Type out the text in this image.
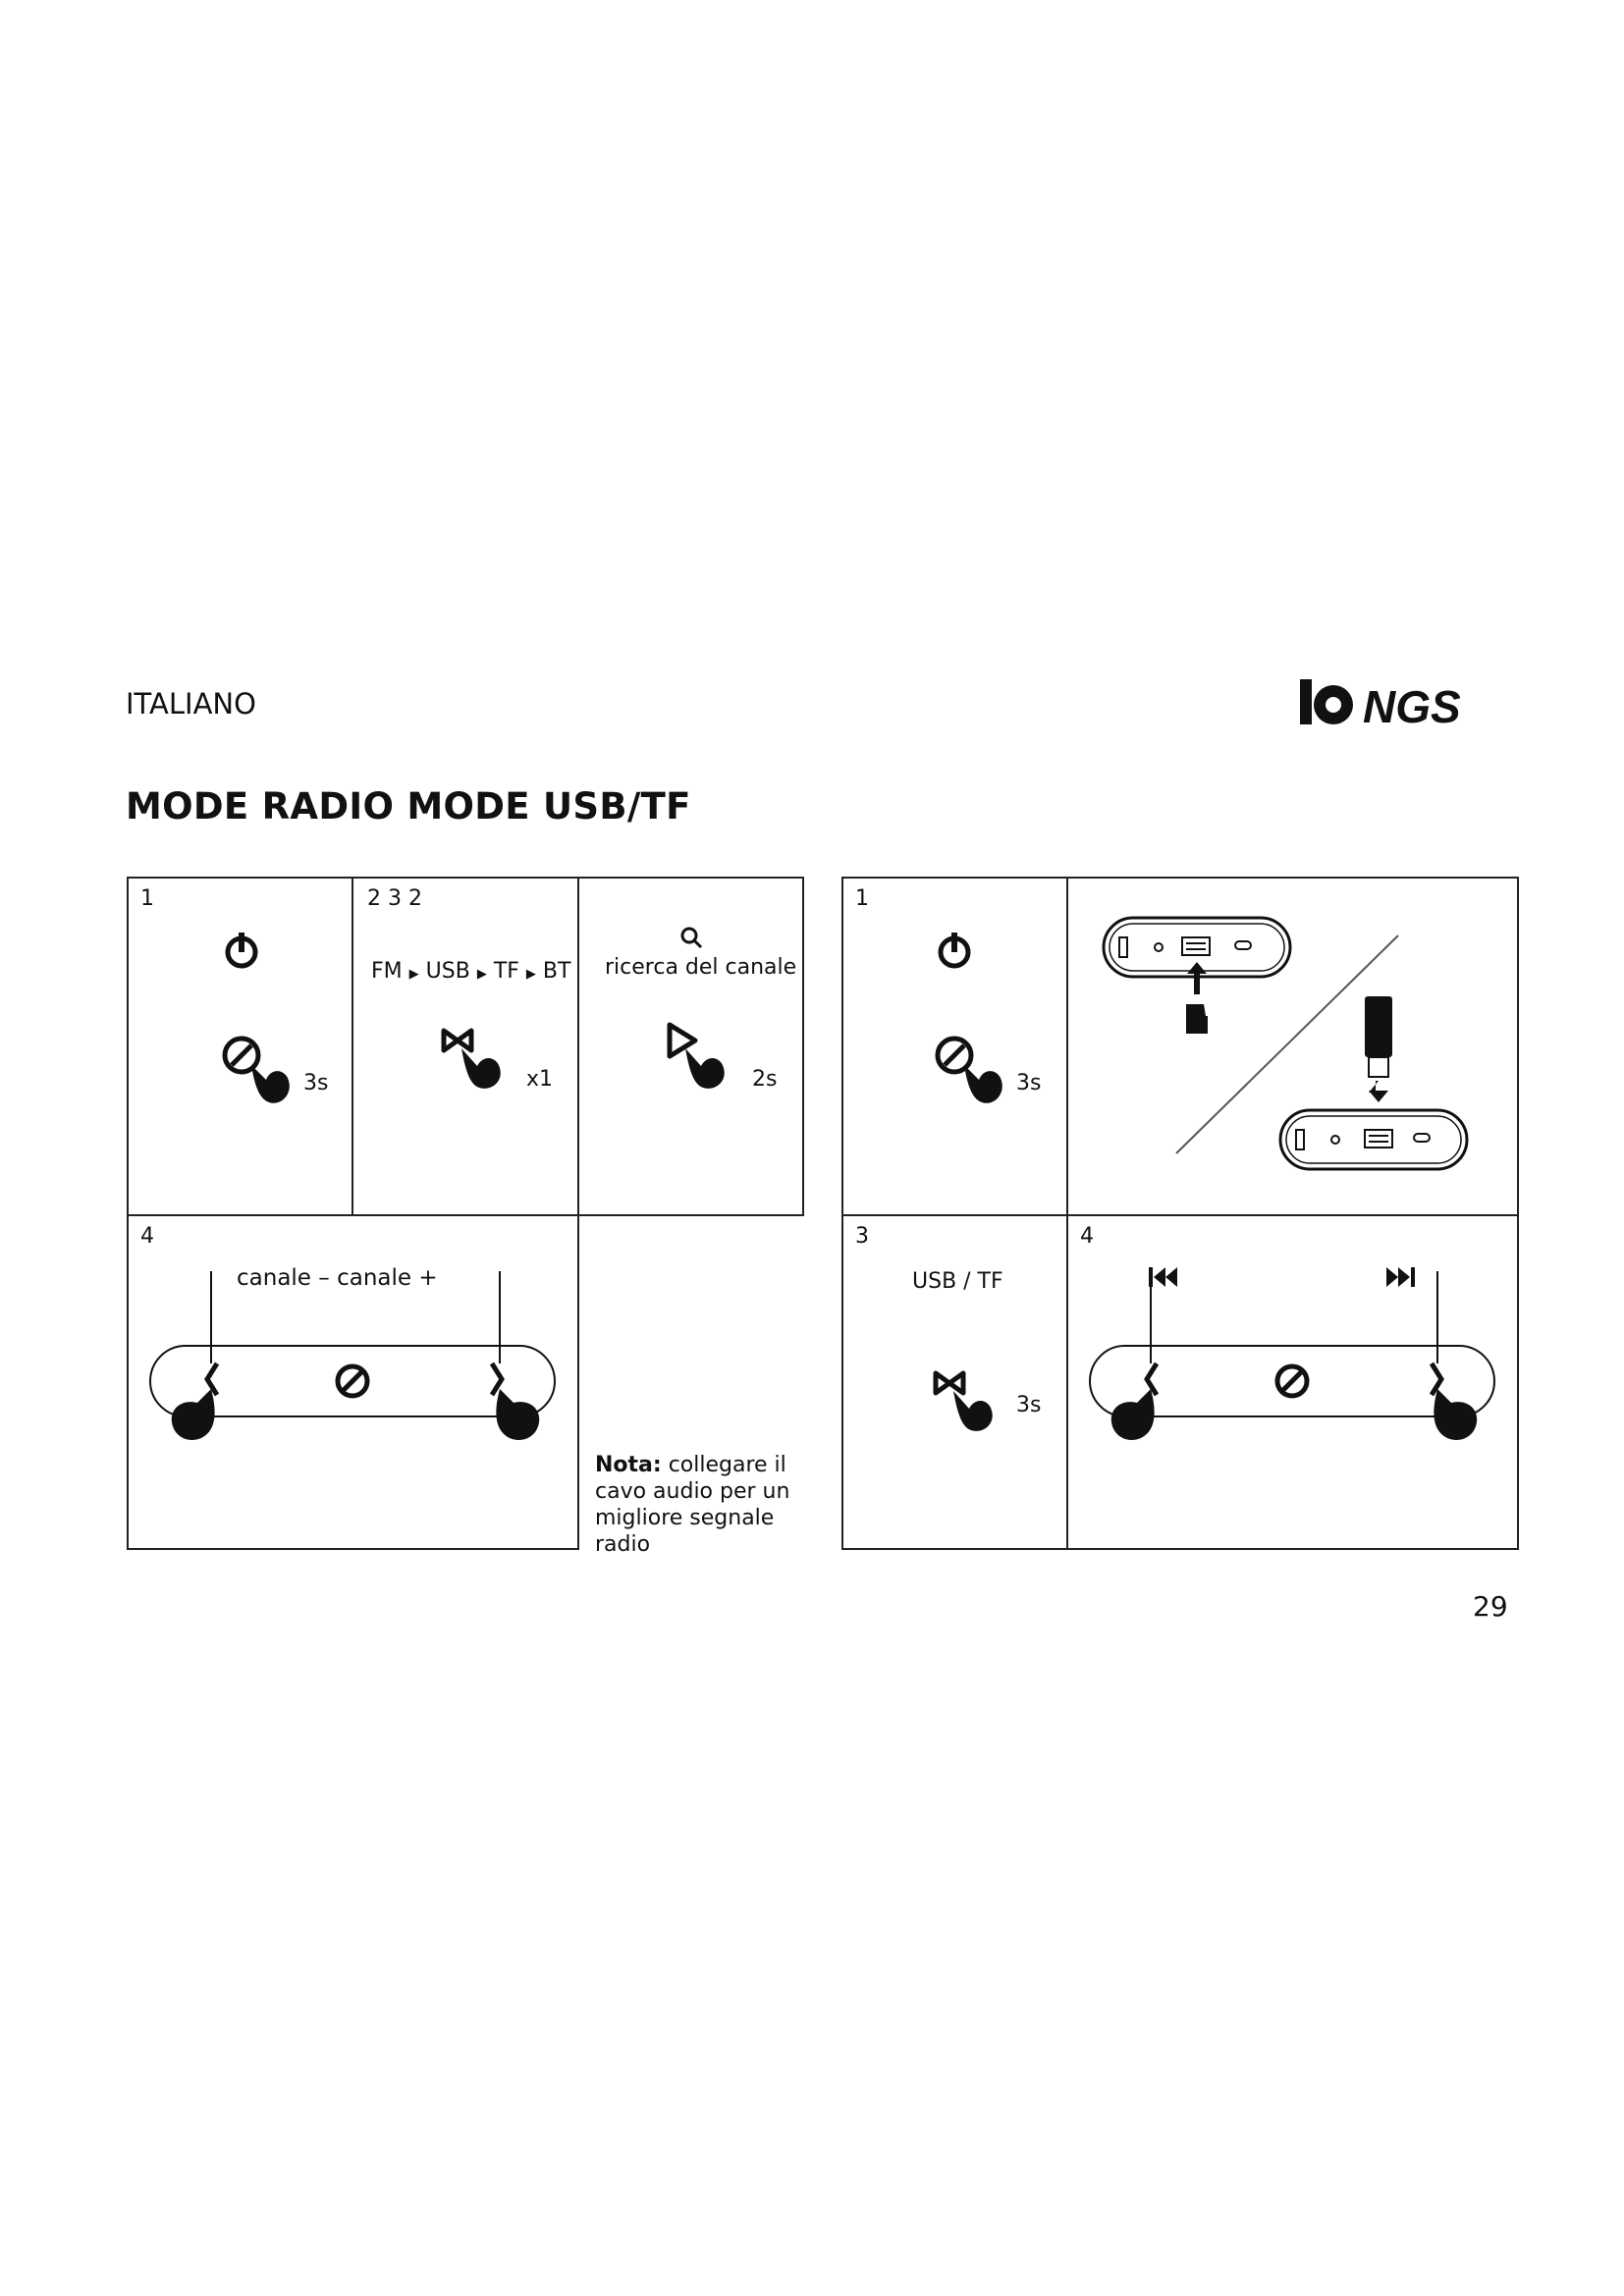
ITALIANO	NGS
MODE RADIO MODE USB/TF
1
3s
2 3 2
FM ▶ USB ▶ TF ▶ BT
x1
ricerca del canale
2s
4
canale – canale +
Nota: collegare il cavo audio per un migliore segnale radio
1
3s
3
USB / TF
3s
4
29
